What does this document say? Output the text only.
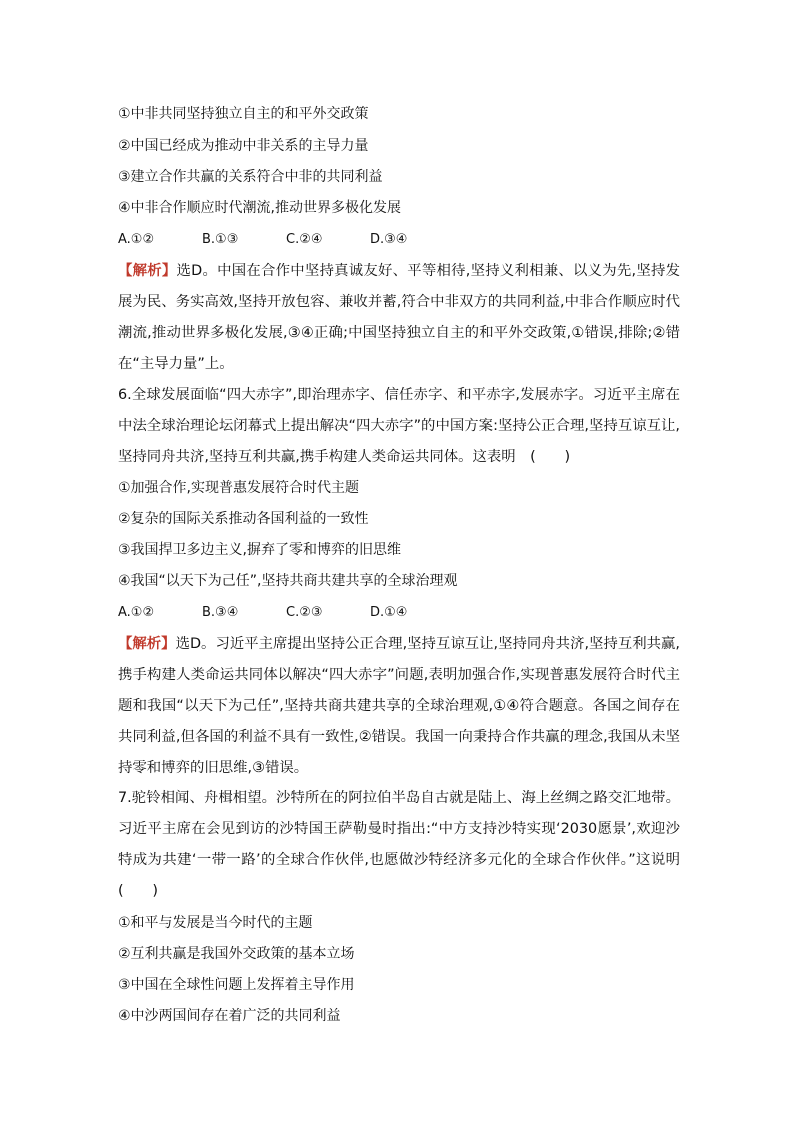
①中非共同坚持独立自主的和平外交政策
②中国已经成为推动中非关系的主导力量
③建立合作共赢的关系符合中非的共同利益
④中非合作顺应时代潮流,推动世界多极化发展
A.①②	B.①③	C.②④	D.③④
【解析】选D。中国在合作中坚持真诚友好、平等相待,坚持义利相兼、以义为先,坚持发展为民、务实高效,坚持开放包容、兼收并蓄,符合中非双方的共同利益,中非合作顺应时代潮流,推动世界多极化发展,③④正确;中国坚持独立自主的和平外交政策,①错误,排除;②错在“主导力量”上。
6.全球发展面临“四大赤字”,即治理赤字、信任赤字、和平赤字,发展赤字。习近平主席在中法全球治理论坛闭幕式上提出解决“四大赤字”的中国方案:坚持公正合理,坚持互谅互让,坚持同舟共济,坚持互利共赢,携手构建人类命运共同体。这表明　(　　)
①加强合作,实现普惠发展符合时代主题
②复杂的国际关系推动各国利益的一致性
③我国捍卫多边主义,摒弃了零和博弈的旧思维
④我国“以天下为己任”,坚持共商共建共享的全球治理观
A.①②	B.③④	C.②③	D.①④
【解析】选D。习近平主席提出坚持公正合理,坚持互谅互让,坚持同舟共济,坚持互利共赢,携手构建人类命运共同体以解决“四大赤字”问题,表明加强合作,实现普惠发展符合时代主题和我国“以天下为己任”,坚持共商共建共享的全球治理观,①④符合题意。各国之间存在共同利益,但各国的利益不具有一致性,②错误。我国一向秉持合作共赢的理念,我国从未坚持零和博弈的旧思维,③错误。
7.驼铃相闻、舟楫相望。沙特所在的阿拉伯半岛自古就是陆上、海上丝绸之路交汇地带。习近平主席在会见到访的沙特国王萨勒曼时指出:“中方支持沙特实现‘2030愿景’,欢迎沙特成为共建‘一带一路’的全球合作伙伴,也愿做沙特经济多元化的全球合作伙伴。”这说明　(　　)
①和平与发展是当今时代的主题
②互利共赢是我国外交政策的基本立场
③中国在全球性问题上发挥着主导作用
④中沙两国间存在着广泛的共同利益
